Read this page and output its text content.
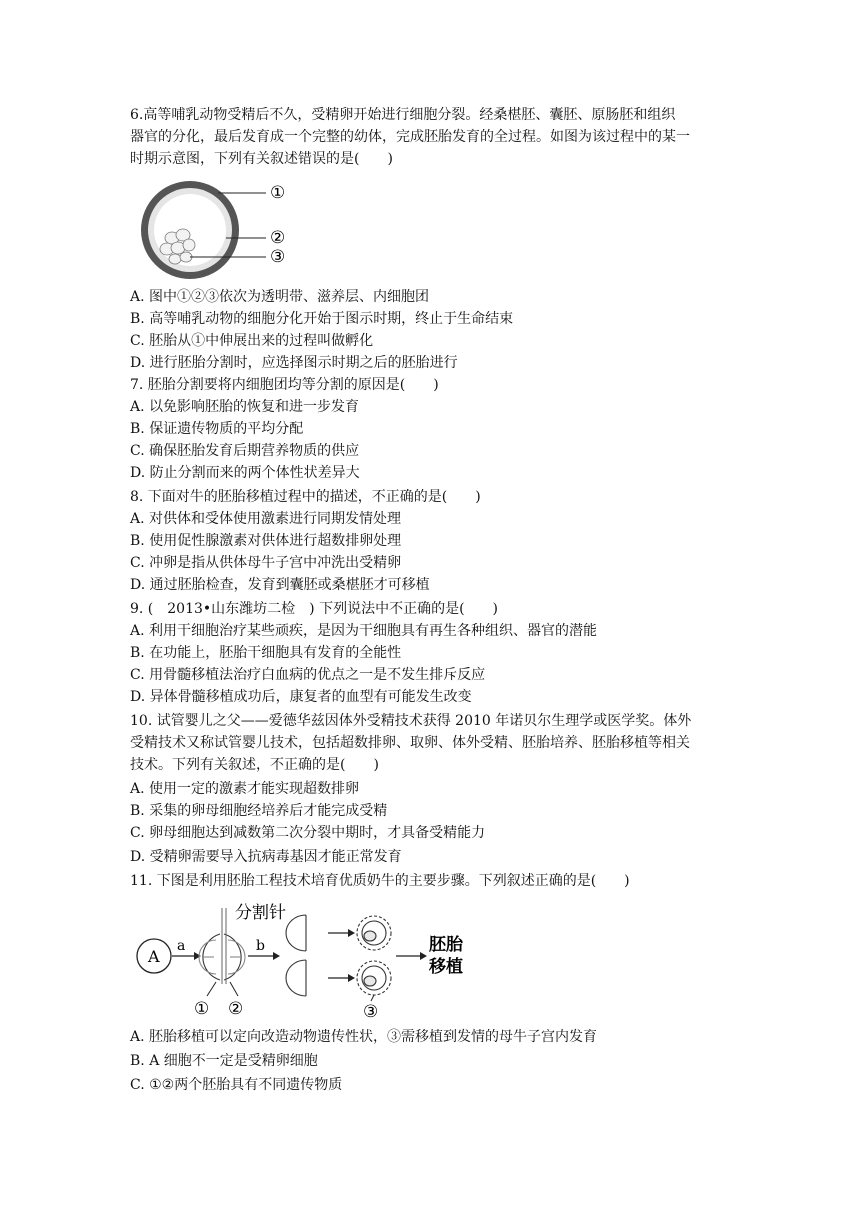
6.高等哺乳动物受精后不久，受精卵开始进行细胞分裂。经桑椹胚、囊胚、原肠胚和组织
器官的分化，最后发育成一个完整的幼体，完成胚胎发育的全过程。如图为该过程中的某一
时期示意图，下列有关叙述错误的是(　　)
①
②
③
A. 图中①②③依次为透明带、滋养层、内细胞团
B. 高等哺乳动物的细胞分化开始于图示时期，终止于生命结束
C. 胚胎从①中伸展出来的过程叫做孵化
D. 进行胚胎分割时，应选择图示时期之后的胚胎进行
7. 胚胎分割要将内细胞团均等分割的原因是(　　)
A. 以免影响胚胎的恢复和进一步发育
B. 保证遗传物质的平均分配
C. 确保胚胎发育后期营养物质的供应
D. 防止分割而来的两个体性状差异大
8. 下面对牛的胚胎移植过程中的描述，不正确的是(　　)
A. 对供体和受体使用激素进行同期发情处理
B. 使用促性腺激素对供体进行超数排卵处理
C. 冲卵是指从供体母牛子宫中冲洗出受精卵
D. 通过胚胎检查，发育到囊胚或桑椹胚才可移植
9. (　2013•山东潍坊二检　) 下列说法中不正确的是(　　)
A. 利用干细胞治疗某些顽疾，是因为干细胞具有再生各种组织、器官的潜能
B. 在功能上，胚胎干细胞具有发育的全能性
C. 用骨髓移植法治疗白血病的优点之一是不发生排斥反应
D. 异体骨髓移植成功后，康复者的血型有可能发生改变
10. 试管婴儿之父——爱德华兹因体外受精技术获得 2010 年诺贝尔生理学或医学奖。体外
受精技术又称试管婴儿技术，包括超数排卵、取卵、体外受精、胚胎培养、胚胎移植等相关
技术。下列有关叙述，不正确的是(　　)
A. 使用一定的激素才能实现超数排卵
B. 采集的卵母细胞经培养后才能完成受精
C. 卵母细胞达到减数第二次分裂中期时，才具备受精能力
D. 受精卵需要导入抗病毒基因才能正常发育
11. 下图是利用胚胎工程技术培育优质奶牛的主要步骤。下列叙述正确的是(　　)
A
a
分割针
① ②
b
③
胚胎
移植
A. 胚胎移植可以定向改造动物遗传性状，③需移植到发情的母牛子宫内发育
B. A 细胞不一定是受精卵细胞
C. ①②两个胚胎具有不同遗传物质
